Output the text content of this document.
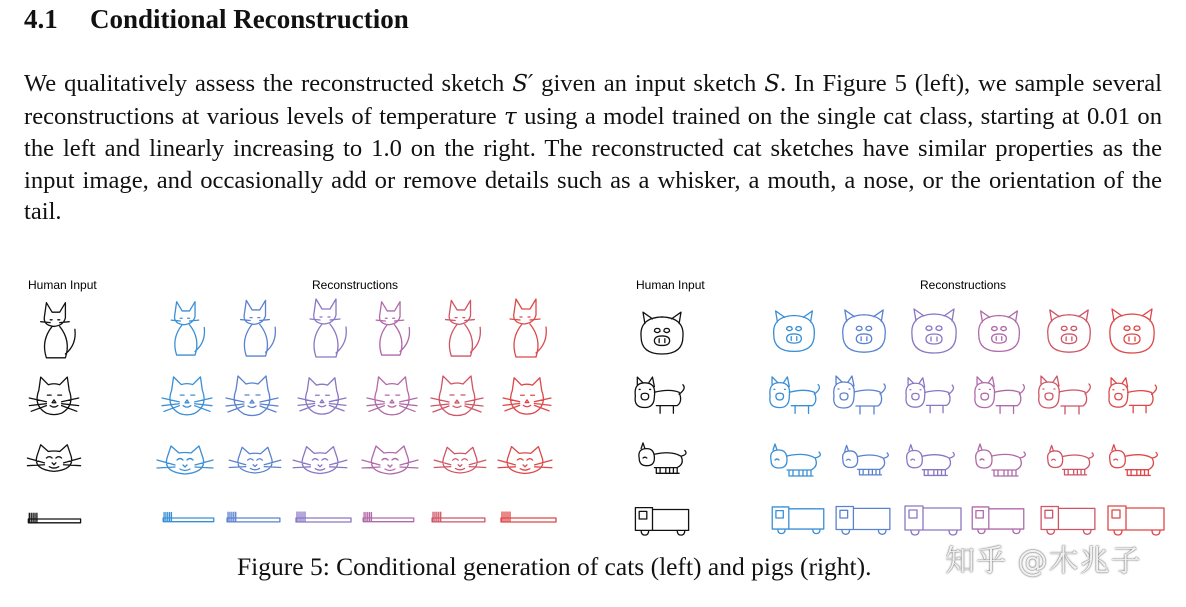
4.1 Conditional Reconstruction

We qualitatively assess the reconstructed sketch S′ given an input sketch S. In Figure 5 (left), we sample several reconstructions at various levels of temperature τ using a model trained on the single cat class, starting at 0.01 on the left and linearly increasing to 1.0 on the right. The reconstructed cat sketches have similar properties as the input image, and occasionally add or remove details such as a whisker, a mouth, a nose, or the orientation of the tail.

Human Input	Reconstructions	Human Input	Reconstructions

Figure 5: Conditional generation of cats (left) and pigs (right). 知乎 @木兆子
